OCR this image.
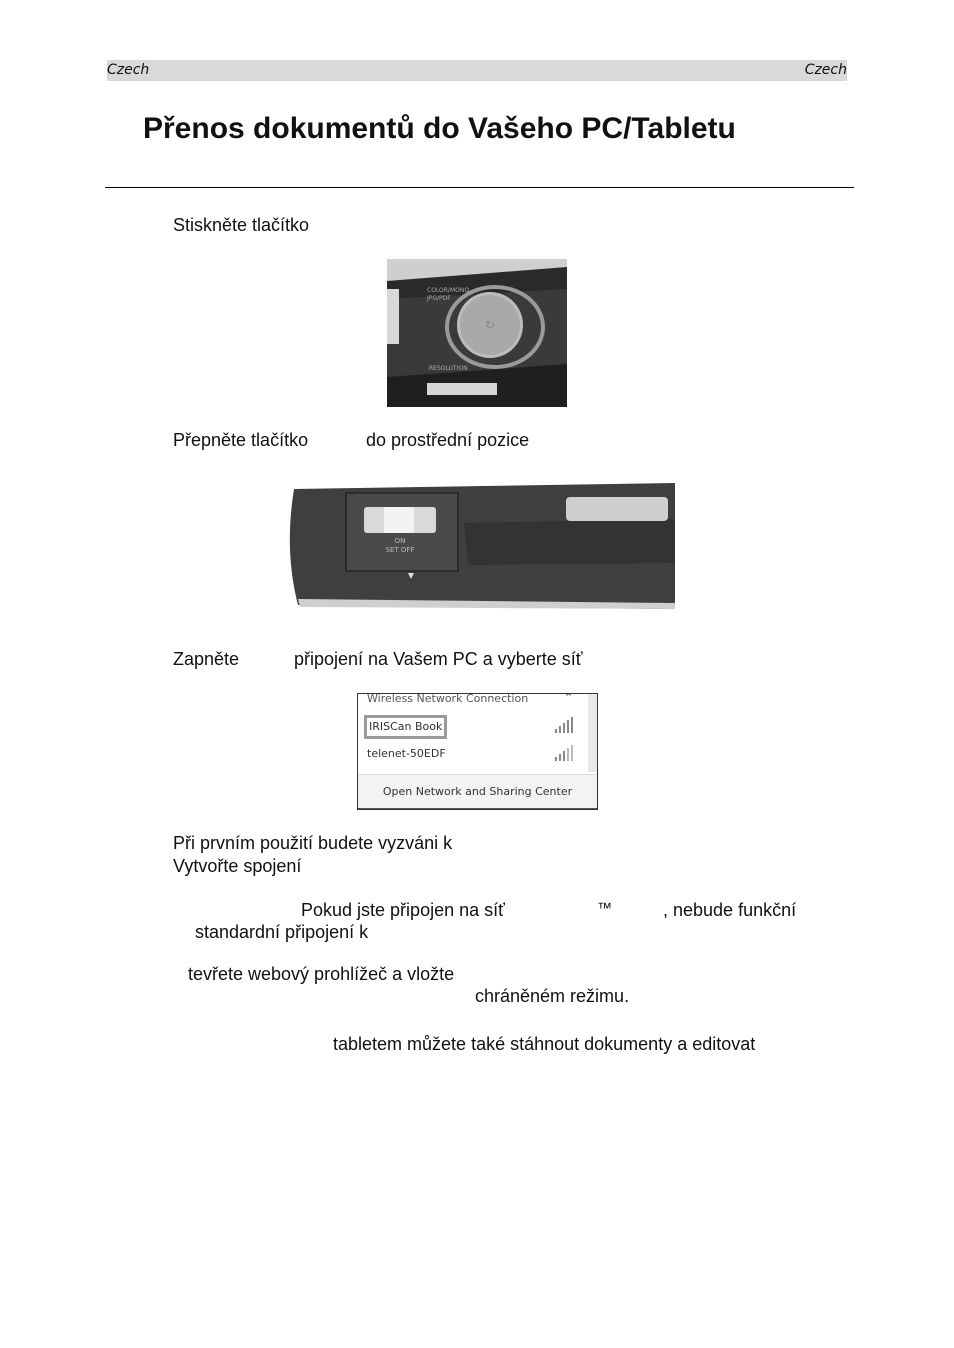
Czech	Czech
Přenos dokumentů do Vašeho PC/Tabletu
Stiskněte tlačítko
↻
COLOR/MONO
JPG/PDF
RESOLUTION
Přepněte tlačítko	do prostřední pozice
ON
SET OFF
Zapněte	připojení na Vašem PC a vyberte síť
Wireless Network Connection	⌃
IRISCan Book
telenet-50EDF
Open Network and Sharing Center
Při prvním použití budete vyzváni k
Vytvořte spojení
Pokud jste připojen na síť	™	, nebude funkční
standardní připojení k
tevřete webový prohlížeč a vložte
chráněném režimu.
tabletem můžete také stáhnout dokumenty a editovat
